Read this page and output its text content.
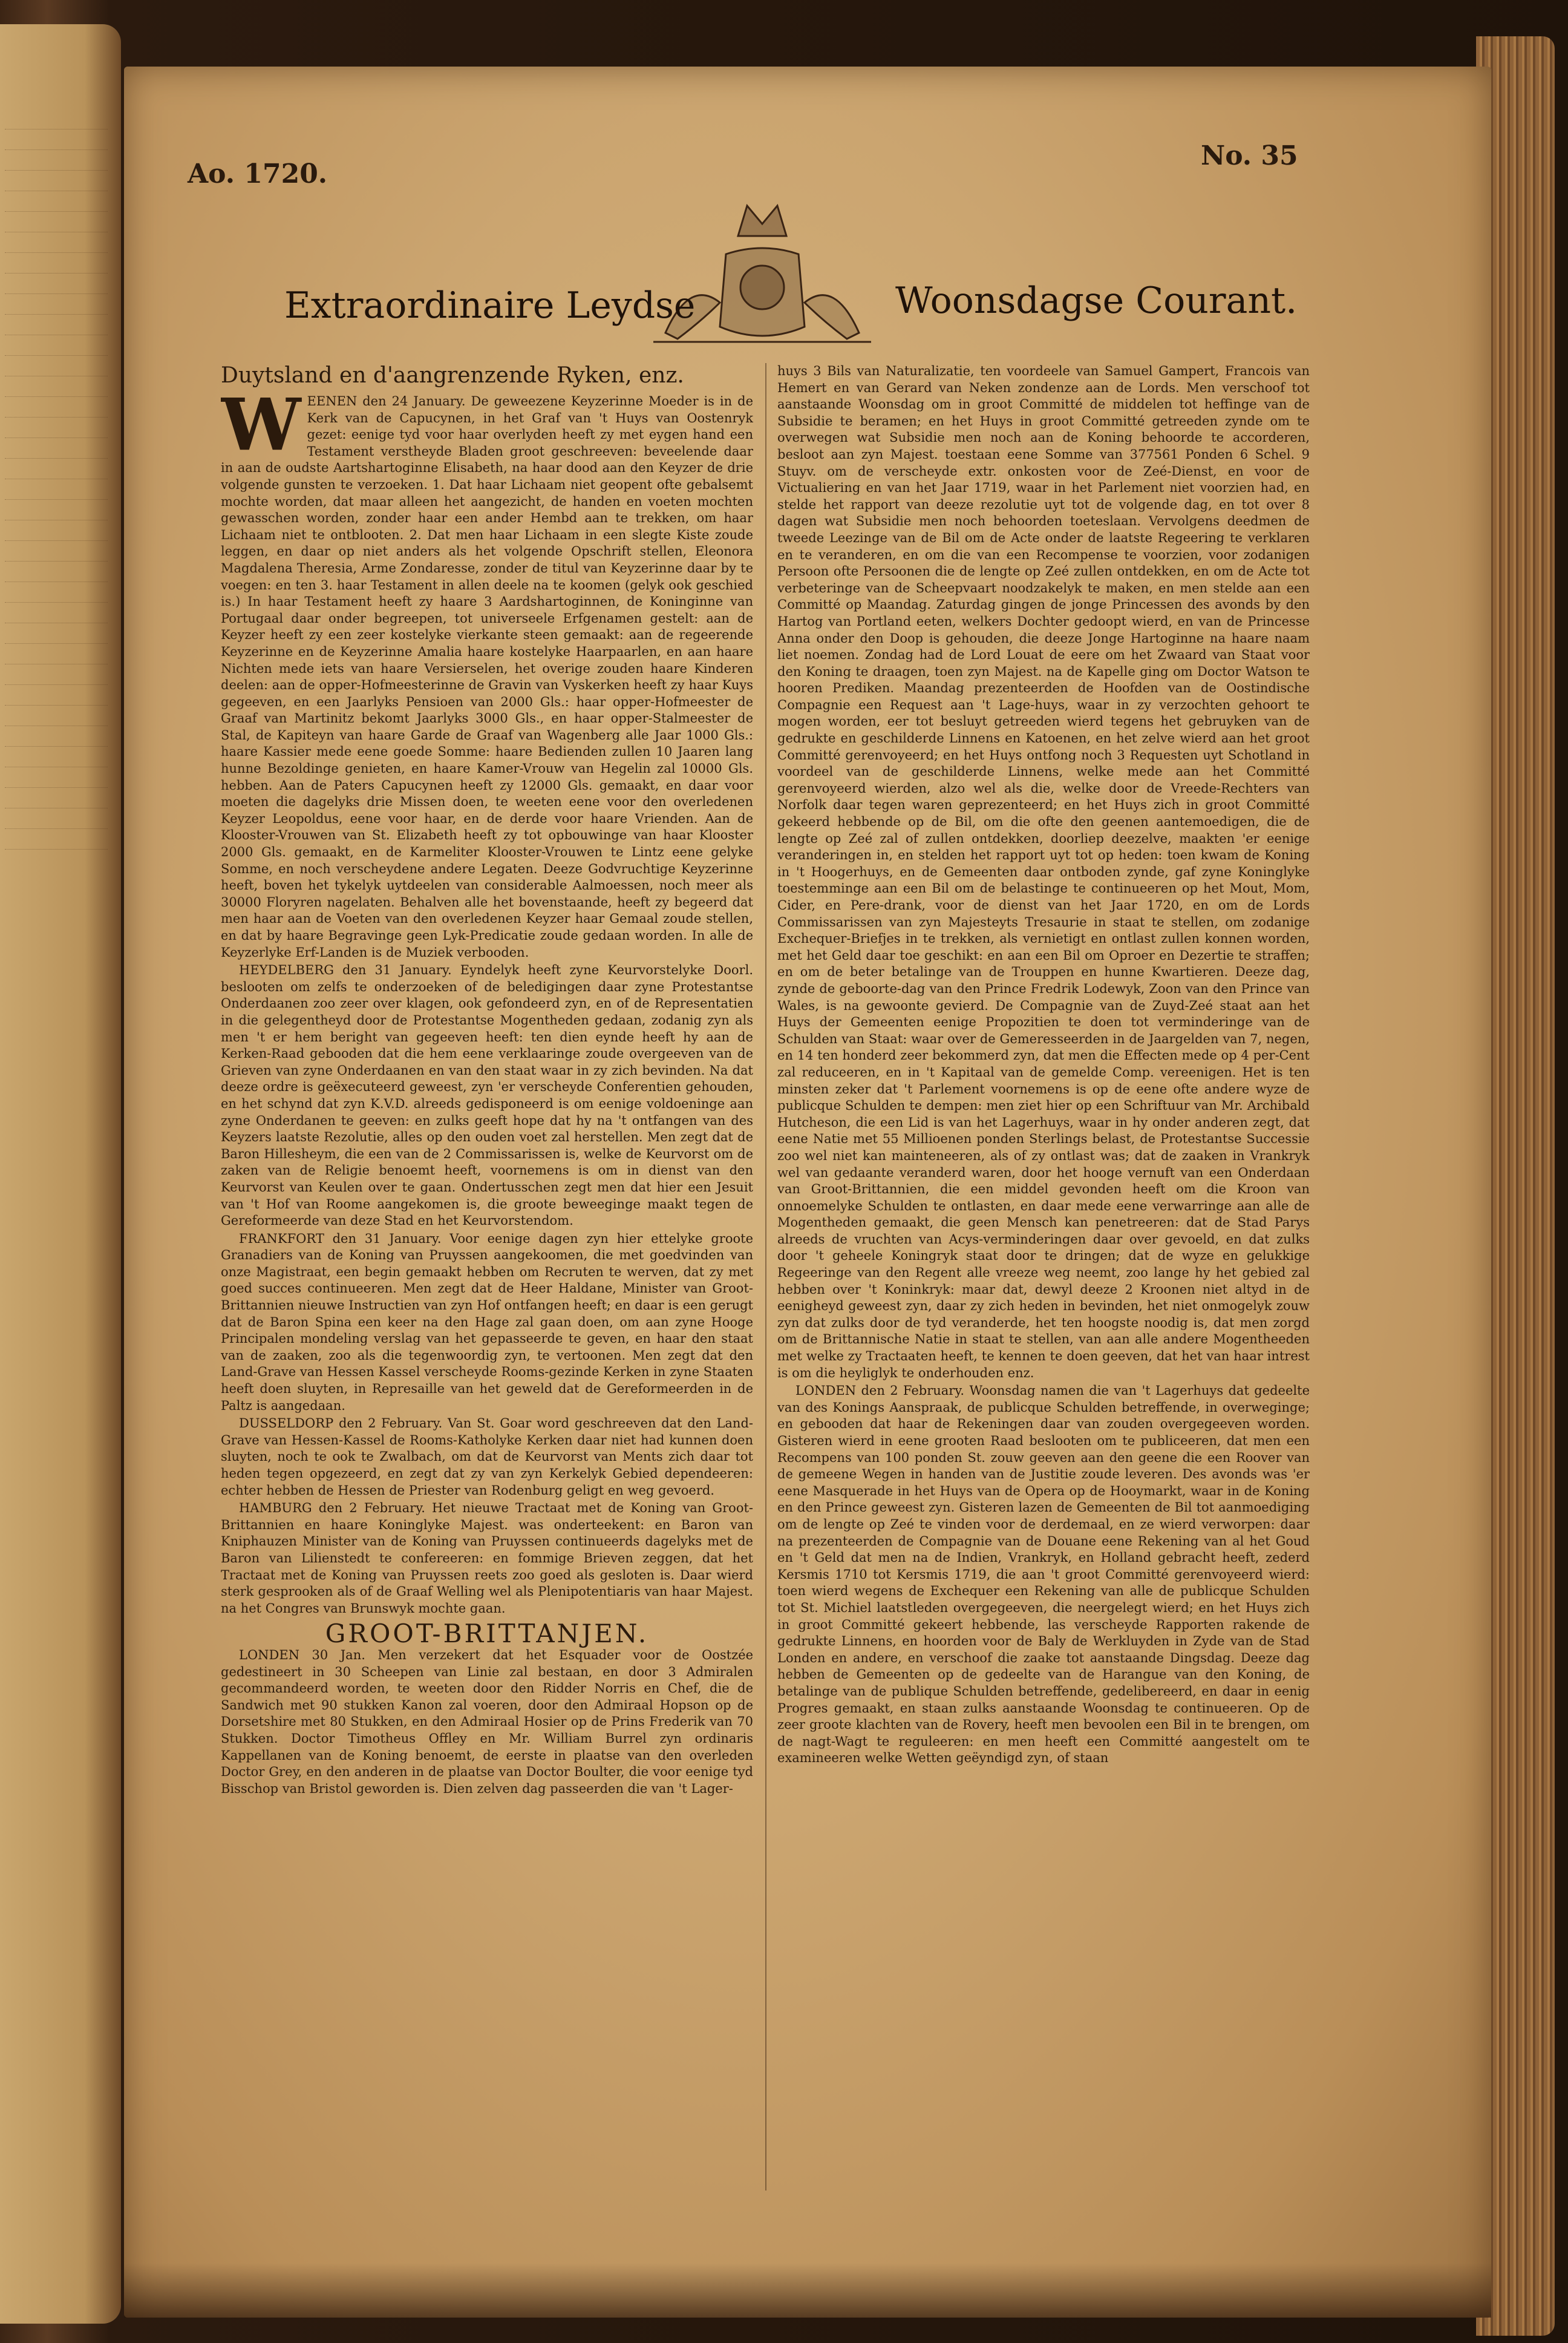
Ao. 1720.
No. 35
Extraordinaire Leydse	Woonsdagse Courant.
Duytsland en d'aangrenzende Ryken, enz.

WEENEN den 24 January. De geweezene Keyzerinne Moeder is in de Kerk van de Capucynen, in het Graf van 't Huys van Oostenryk gezet: eenige tyd voor haar overlyden heeft zy met eygen hand een Testament verstheyde Bladen groot geschreeven: beveelende daar in aan de oudste Aartshartoginne Elisabeth, na haar dood aan den Keyzer de drie volgende gunsten te verzoeken. 1. Dat haar Lichaam niet geopent ofte gebalsemt mochte worden, dat maar alleen het aangezicht, de handen en voeten mochten gewasschen worden, zonder haar een ander Hembd aan te trekken, om haar Lichaam niet te ontblooten. 2. Dat men haar Lichaam in een slegte Kiste zoude leggen, en daar op niet anders als het volgende Opschrift stellen, Eleonora Magdalena Theresia, Arme Zondaresse, zonder de titul van Keyzerinne daar by te voegen: en ten 3. haar Testament in allen deele na te koomen (gelyk ook geschied is.) In haar Testament heeft zy haare 3 Aardshartoginnen, de Koninginne van Portugaal daar onder begreepen, tot universeele Erfgenamen gestelt: aan de Keyzer heeft zy een zeer kostelyke vierkante steen gemaakt: aan de regeerende Keyzerinne en de Keyzerinne Amalia haare kostelyke Haarpaarlen, en aan haare Nichten mede iets van haare Versierselen, het overige zouden haare Kinderen deelen: aan de opper-Hofmeesterinne de Gravin van Vyskerken heeft zy haar Kuys gegeeven, en een Jaarlyks Pensioen van 2000 Gls.: haar opper-Hofmeester de Graaf van Martinitz bekomt Jaarlyks 3000 Gls., en haar opper-Stalmeester de Stal, de Kapiteyn van haare Garde de Graaf van Wagenberg alle Jaar 1000 Gls.: haare Kassier mede eene goede Somme: haare Bedienden zullen 10 Jaaren lang hunne Bezoldinge genieten, en haare Kamer-Vrouw van Hegelin zal 10000 Gls. hebben. Aan de Paters Capucynen heeft zy 12000 Gls. gemaakt, en daar voor moeten die dagelyks drie Missen doen, te weeten eene voor den overledenen Keyzer Leopoldus, eene voor haar, en de derde voor haare Vrienden. Aan de Klooster-Vrouwen van St. Elizabeth heeft zy tot opbouwinge van haar Klooster 2000 Gls. gemaakt, en de Karmeliter Klooster-Vrouwen te Lintz eene gelyke Somme, en noch verscheydene andere Legaten. Deeze Godvruchtige Keyzerinne heeft, boven het tykelyk uytdeelen van considerable Aalmoessen, noch meer als 30000 Floryren nagelaten. Behalven alle het bovenstaande, heeft zy begeerd dat men haar aan de Voeten van den overledenen Keyzer haar Gemaal zoude stellen, en dat by haare Begravinge geen Lyk-Predicatie zoude gedaan worden. In alle de Keyzerlyke Erf-Landen is de Muziek verbooden.

HEYDELBERG den 31 January. Eyndelyk heeft zyne Keurvorstelyke Doorl. beslooten om zelfs te onderzoeken of de beledigingen daar zyne Protestantse Onderdaanen zoo zeer over klagen, ook gefondeerd zyn, en of de Representatien in die gelegentheyd door de Protestantse Mogentheden gedaan, zodanig zyn als men 't er hem beright van gegeeven heeft: ten dien eynde heeft hy aan de Kerken-Raad gebooden dat die hem eene verklaaringe zoude overgeeven van de Grieven van zyne Onderdaanen en van den staat waar in zy zich bevinden. Na dat deeze ordre is geëxecuteerd geweest, zyn 'er verscheyde Conferentien gehouden, en het schynd dat zyn K.V.D. alreeds gedisponeerd is om eenige voldoeninge aan zyne Onderdanen te geeven: en zulks geeft hope dat hy na 't ontfangen van des Keyzers laatste Rezolutie, alles op den ouden voet zal herstellen. Men zegt dat de Baron Hillesheym, die een van de 2 Commissarissen is, welke de Keurvorst om de zaken van de Religie benoemt heeft, voornemens is om in dienst van den Keurvorst van Keulen over te gaan. Ondertusschen zegt men dat hier een Jesuit van 't Hof van Roome aangekomen is, die groote beweeginge maakt tegen de Gereformeerde van deze Stad en het Keurvorstendom.

FRANKFORT den 31 January. Voor eenige dagen zyn hier ettelyke groote Granadiers van de Koning van Pruyssen aangekoomen, die met goedvinden van onze Magistraat, een begin gemaakt hebben om Recruten te werven, dat zy met goed succes continueeren. Men zegt dat de Heer Haldane, Minister van Groot-Brittannien nieuwe Instructien van zyn Hof ontfangen heeft; en daar is een gerugt dat de Baron Spina een keer na den Hage zal gaan doen, om aan zyne Hooge Principalen mondeling verslag van het gepasseerde te geven, en haar den staat van de zaaken, zoo als die tegenwoordig zyn, te vertoonen. Men zegt dat den Land-Grave van Hessen Kassel verscheyde Rooms-gezinde Kerken in zyne Staaten heeft doen sluyten, in Represaille van het geweld dat de Gereformeerden in de Paltz is aangedaan.

DUSSELDORP den 2 February. Van St. Goar word geschreeven dat den Land-Grave van Hessen-Kassel de Rooms-Katholyke Kerken daar niet had kunnen doen sluyten, noch te ook te Zwalbach, om dat de Keurvorst van Ments zich daar tot heden tegen opgezeerd, en zegt dat zy van zyn Kerkelyk Gebied dependeeren: echter hebben de Hessen de Priester van Rodenburg geligt en weg gevoerd.

HAMBURG den 2 February. Het nieuwe Tractaat met de Koning van Groot-Brittannien en haare Koninglyke Majest. was onderteekent: en Baron van Kniphauzen Minister van de Koning van Pruyssen continueerds dagelyks met de Baron van Lilienstedt te confereeren: en fommige Brieven zeggen, dat het Tractaat met de Koning van Pruyssen reets zoo goed als gesloten is. Daar wierd sterk gesprooken als of de Graaf Welling wel als Plenipotentiaris van haar Majest. na het Congres van Brunswyk mochte gaan.

GROOT-BRITTANJEN.

LONDEN 30 Jan. Men verzekert dat het Esquader voor de Oostzée gedestineert in 30 Scheepen van Linie zal bestaan, en door 3 Admiralen gecommandeerd worden, te weeten door den Ridder Norris en Chef, die de Sandwich met 90 stukken Kanon zal voeren, door den Admiraal Hopson op de Dorsetshire met 80 Stukken, en den Admiraal Hosier op de Prins Frederik van 70 Stukken. Doctor Timotheus Offley en Mr. William Burrel zyn ordinaris Kappellanen van de Koning benoemt, de eerste in plaatse van den overleden Doctor Grey, en den anderen in de plaatse van Doctor Boulter, die voor eenige tyd Bisschop van Bristol geworden is. Dien zelven dag passeerden die van 't Lager-

huys 3 Bils van Naturalizatie, ten voordeele van Samuel Gampert, Francois van Hemert en van Gerard van Neken zondenze aan de Lords. Men verschoof tot aanstaande Woonsdag om in groot Committé de middelen tot heffinge van de Subsidie te beramen; en het Huys in groot Committé getreeden zynde om te overwegen wat Subsidie men noch aan de Koning behoorde te accorderen, besloot aan zyn Majest. toestaan eene Somme van 377561 Ponden 6 Schel. 9 Stuyv. om de verscheyde extr. onkosten voor de Zeé-Dienst, en voor de Victualiering en van het Jaar 1719, waar in het Parlement niet voorzien had, en stelde het rapport van deeze rezolutie uyt tot de volgende dag, en tot over 8 dagen wat Subsidie men noch behoorden toeteslaan. Vervolgens deedmen de tweede Leezinge van de Bil om de Acte onder de laatste Regeering te verklaren en te veranderen, en om die van een Recompense te voorzien, voor zodanigen Persoon ofte Persoonen die de lengte op Zeé zullen ontdekken, en om de Acte tot verbeteringe van de Scheepvaart noodzakelyk te maken, en men stelde aan een Committé op Maandag. Zaturdag gingen de jonge Princessen des avonds by den Hartog van Portland eeten, welkers Dochter gedoopt wierd, en van de Princesse Anna onder den Doop is gehouden, die deeze Jonge Hartoginne na haare naam liet noemen. Zondag had de Lord Louat de eere om het Zwaard van Staat voor den Koning te draagen, toen zyn Majest. na de Kapelle ging om Doctor Watson te hooren Prediken. Maandag prezenteerden de Hoofden van de Oostindische Compagnie een Request aan 't Lage-huys, waar in zy verzochten gehoort te mogen worden, eer tot besluyt getreeden wierd tegens het gebruyken van de gedrukte en geschilderde Linnens en Katoenen, en het zelve wierd aan het groot Committé gerenvoyeerd; en het Huys ontfong noch 3 Requesten uyt Schotland in voordeel van de geschilderde Linnens, welke mede aan het Committé gerenvoyeerd wierden, alzo wel als die, welke door de Vreede-Rechters van Norfolk daar tegen waren geprezenteerd; en het Huys zich in groot Committé gekeerd hebbende op de Bil, om die ofte den geenen aantemoedigen, die de lengte op Zeé zal of zullen ontdekken, doorliep deezelve, maakten 'er eenige veranderingen in, en stelden het rapport uyt tot op heden: toen kwam de Koning in 't Hoogerhuys, en de Gemeenten daar ontboden zynde, gaf zyne Koninglyke toestemminge aan een Bil om de belastinge te continueeren op het Mout, Mom, Cider, en Pere-drank, voor de dienst van het Jaar 1720, en om de Lords Commissarissen van zyn Majesteyts Tresaurie in staat te stellen, om zodanige Exchequer-Briefjes in te trekken, als vernietigt en ontlast zullen konnen worden, met het Geld daar toe geschikt: en aan een Bil om Oproer en Dezertie te straffen; en om de beter betalinge van de Trouppen en hunne Kwartieren. Deeze dag, zynde de geboorte-dag van den Prince Fredrik Lodewyk, Zoon van den Prince van Wales, is na gewoonte gevierd. De Compagnie van de Zuyd-Zeé staat aan het Huys der Gemeenten eenige Propozitien te doen tot verminderinge van de Schulden van Staat: waar over de Gemeresseerden in de Jaargelden van 7, negen, en 14 ten honderd zeer bekommerd zyn, dat men die Effecten mede op 4 per-Cent zal reduceeren, en in 't Kapitaal van de gemelde Comp. vereenigen. Het is ten minsten zeker dat 't Parlement voornemens is op de eene ofte andere wyze de publicque Schulden te dempen: men ziet hier op een Schriftuur van Mr. Archibald Hutcheson, die een Lid is van het Lagerhuys, waar in hy onder anderen zegt, dat eene Natie met 55 Millioenen ponden Sterlings belast, de Protestantse Successie zoo wel niet kan mainteneeren, als of zy ontlast was; dat de zaaken in Vrankryk wel van gedaante veranderd waren, door het hooge vernuft van een Onderdaan van Groot-Brittannien, die een middel gevonden heeft om die Kroon van onnoemelyke Schulden te ontlasten, en daar mede eene verwarringe aan alle de Mogentheden gemaakt, die geen Mensch kan penetreeren: dat de Stad Parys alreeds de vruchten van Acys-verminderingen daar over gevoeld, en dat zulks door 't geheele Koningryk staat door te dringen; dat de wyze en gelukkige Regeeringe van den Regent alle vreeze weg neemt, zoo lange hy het gebied zal hebben over 't Koninkryk: maar dat, dewyl deeze 2 Kroonen niet altyd in de eenigheyd geweest zyn, daar zy zich heden in bevinden, het niet onmogelyk zouw zyn dat zulks door de tyd veranderde, het ten hoogste noodig is, dat men zorgd om de Brittannische Natie in staat te stellen, van aan alle andere Mogentheeden met welke zy Tractaaten heeft, te kennen te doen geeven, dat het van haar intrest is om die heyliglyk te onderhouden enz.

LONDEN den 2 February. Woonsdag namen die van 't Lagerhuys dat gedeelte van des Konings Aanspraak, de publicque Schulden betreffende, in overweginge; en gebooden dat haar de Rekeningen daar van zouden overgegeeven worden. Gisteren wierd in eene grooten Raad beslooten om te publiceeren, dat men een Recompens van 100 ponden St. zouw geeven aan den geene die een Roover van de gemeene Wegen in handen van de Justitie zoude leveren. Des avonds was 'er eene Masquerade in het Huys van de Opera op de Hooymarkt, waar in de Koning en den Prince geweest zyn. Gisteren lazen de Gemeenten de Bil tot aanmoediging om de lengte op Zeé te vinden voor de derdemaal, en ze wierd verworpen: daar na prezenteerden de Compagnie van de Douane eene Rekening van al het Goud en 't Geld dat men na de Indien, Vrankryk, en Holland gebracht heeft, zederd Kersmis 1710 tot Kersmis 1719, die aan 't groot Committé gerenvoyeerd wierd: toen wierd wegens de Exchequer een Rekening van alle de publicque Schulden tot St. Michiel laatstleden overgegeeven, die neergelegt wierd; en het Huys zich in groot Committé gekeert hebbende, las verscheyde Rapporten rakende de gedrukte Linnens, en hoorden voor de Baly de Werkluyden in Zyde van de Stad Londen en andere, en verschoof die zaake tot aanstaande Dingsdag. Deeze dag hebben de Gemeenten op de gedeelte van de Harangue van den Koning, de betalinge van de publique Schulden betreffende, gedelibereerd, en daar in eenig Progres gemaakt, en staan zulks aanstaande Woonsdag te continueeren. Op de zeer groote klachten van de Rovery, heeft men bevoolen een Bil in te brengen, om de nagt-Wagt te reguleeren: en men heeft een Committé aangestelt om te examineeren welke Wetten geëyndigd zyn, of staan
